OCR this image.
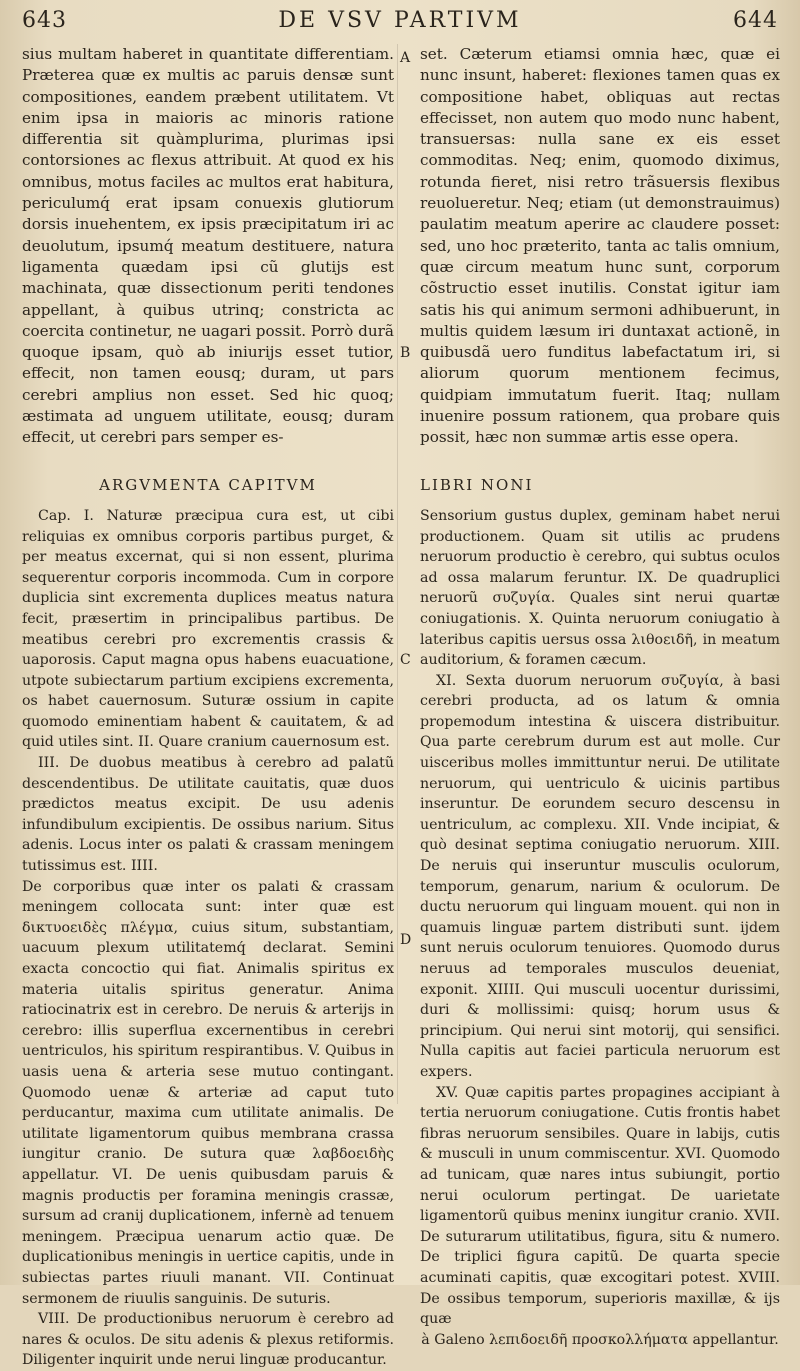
643	DE VSV PARTIVM	644
A
B
C
D

sius multam haberet in quantitate differentiam. Præterea quæ ex multis ac paruis densæ sunt compositiones, eandem præbent utilitatem. Vt enim ipsa in maioris ac minoris ratione differentia sit quàmplurima, plurimas ipsi contorsiones ac flexus attribuit. At quod ex his omnibus, motus faciles ac multos erat habitura, periculumq́ erat ipsam conuexis glutiorum dorsis inuehentem, ex ipsis præcipitatum iri ac deuolutum, ipsumq́ meatum destituere, natura ligamenta quædam ipsi cũ glutijs est machinata, quæ dissectionum periti tendones appellant, à quibus utrinq; constricta ac coercita continetur, ne uagari possit. Porrò durã quoque ipsam, quò ab iniurijs esset tutior, effecit, non tamen eousq; duram, ut pars cerebri amplius non esset. Sed hic quoq; æstimata ad unguem utilitate, eousq; duram effecit, ut cerebri pars semper es-

ARGVMENTA CAPITVM

Cap. I. Naturæ præcipua cura est, ut cibi reliquias ex omnibus corporis partibus purget, & per meatus excernat, qui si non essent, plurima sequerentur corporis incommoda. Cum in corpore duplicia sint excrementa duplices meatus natura fecit, præsertim in principalibus partibus. De meatibus cerebri pro excrementis crassis & uaporosis. Caput magna opus habens euacuatione, utpote subiectarum partium excipiens excrementa, os habet cauernosum. Suturæ ossium in capite quomodo eminentiam habent & cauitatem, & ad quid utiles sint. II. Quare cranium cauernosum est.

III. De duobus meatibus à cerebro ad palatũ descendentibus. De utilitate cauitatis, quæ duos prædictos meatus excipit. De usu adenis infundibulum excipientis. De ossibus narium. Situs adenis. Locus inter os palati & crassam meningem tutissimus est. IIII.

De corporibus quæ inter os palati & crassam meningem collocata sunt: inter quæ est δικτυοειδὲς πλέγμα, cuius situm, substantiam, uacuum plexum utilitatemq́ declarat. Semini exacta concoctio qui fiat. Animalis spiritus ex materia uitalis spiritus generatur. Anima ratiocinatrix est in cerebro. De neruis & arterijs in cerebro: illis superflua excernentibus in cerebri uentriculos, his spiritum respirantibus. V. Quibus in uasis uena & arteria sese mutuo contingant. Quomodo uenæ & arteriæ ad caput tuto perducantur, maxima cum utilitate animalis. De utilitate ligamentorum quibus membrana crassa iungitur cranio. De sutura quæ λαβδοειδὴς appellatur. VI. De uenis quibusdam paruis & magnis productis per foramina meningis crassæ, sursum ad cranij duplicationem, infernè ad tenuem meningem. Præcipua uenarum actio quæ. De duplicationibus meningis in uertice capitis, unde in subiectas partes riuuli manant. VII. Continuat sermonem de riuulis sanguinis. De suturis.

VIII. De productionibus neruorum è cerebro ad nares & oculos. De situ adenis & plexus retiformis. Diligenter inquirit unde nerui linguæ producantur.

set. Cæterum etiamsi omnia hæc, quæ ei nunc insunt, haberet: flexiones tamen quas ex compositione habet, obliquas aut rectas effecisset, non autem quo modo nunc habent, transuersas: nulla sane ex eis esset commoditas. Neq; enim, quomodo diximus, rotunda fieret, nisi retro trãsuersis flexibus reuolueretur. Neq; etiam (ut demonstrauimus) paulatim meatum aperire ac claudere posset: sed, uno hoc præterito, tanta ac talis omnium, quæ circum meatum hunc sunt, corporum cõstructio esset inutilis. Constat igitur iam satis his qui animum sermoni adhibuerunt, in multis quidem læsum iri duntaxat actionẽ, in quibusdã uero funditus labefactatum iri, si aliorum quorum mentionem fecimus, quidpiam immutatum fuerit. Itaq; nullam inuenire possum rationem, qua probare quis possit, hæc non summæ artis esse opera.

LIBRI NONI

Sensorium gustus duplex, geminam habet nerui productionem. Quam sit utilis ac prudens neruorum productio è cerebro, qui subtus oculos ad ossa malarum feruntur. IX. De quadruplici neruorũ συζυγία. Quales sint nerui quartæ coniugationis. X. Quinta neruorum coniugatio à lateribus capitis uersus ossa λιθοειδῆ, in meatum auditorium, & foramen cæcum.

XI. Sexta duorum neruorum συζυγία, à basi cerebri producta, ad os latum & omnia propemodum intestina & uiscera distribuitur. Qua parte cerebrum durum est aut molle. Cur uisceribus molles immittuntur nerui. De utilitate neruorum, qui uentriculo & uicinis partibus inseruntur. De eorundem securo descensu in uentriculum, ac complexu. XII. Vnde incipiat, & quò desinat septima coniugatio neruorum. XIII. De neruis qui inseruntur musculis oculorum, temporum, genarum, narium & oculorum. De ductu neruorum qui linguam mouent. qui non in quamuis linguæ partem distributi sunt. ijdem sunt neruis oculorum tenuiores. Quomodo durus neruus ad temporales musculos deueniat, exponit. XIIII. Qui musculi uocentur durissimi, duri & mollissimi: quisq; horum usus & principium. Qui nerui sint motorij, qui sensifici. Nulla capitis aut faciei particula neruorum est expers.

XV. Quæ capitis partes propagines accipiant à tertia neruorum coniugatione. Cutis frontis habet fibras neruorum sensibiles. Quare in labijs, cutis & musculi in unum commiscentur. XVI. Quomodo ad tunicam, quæ nares intus subiungit, portio nerui oculorum pertingat. De uarietate ligamentorũ quibus meninx iungitur cranio. XVII. De suturarum utilitatibus, figura, situ & numero. De triplici figura capitũ. De quarta specie acuminati capitis, quæ excogitari potest. XVIII. De ossibus temporum, superioris maxillæ, & ijs quæ

à Galeno λεπιδοειδῆ προσκολλήματα appellantur.
